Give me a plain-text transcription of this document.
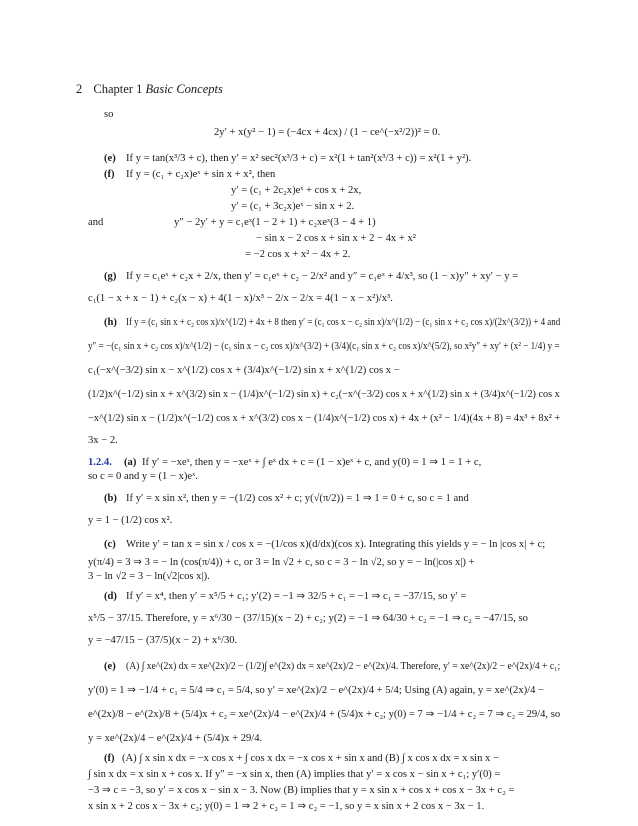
2 Chapter 1 Basic Concepts
so
2y′ + x(y² − 1) = (−4cx + 4cx) / (1 − ce^(−x²/2))² = 0.
(e) If y = tan(x³/3 + c), then y′ = x² sec²(x³/3 + c) = x²(1 + tan²(x³/3 + c)) = x²(1 + y²).
(f) If y = (c₁ + c₂x)eˣ + sin x + x², then
y′ = (c₁ + 2c₂x)eˣ + cos x + 2x,
y′ = (c₁ + 3c₂x)eˣ − sin x + 2.
and	y″ − 2y′ + y = c₁eˣ(1 − 2 + 1) + c₂xeˣ(3 − 4 + 1)
− sin x − 2 cos x + sin x + 2 − 4x + x²
= −2 cos x + x² − 4x + 2.
(g) If y = c₁eˣ + c₂x + 2/x, then y′ = c₁eˣ + c₂ − 2/x² and y″ = c₁eˣ + 4/x³, so (1 − x)y″ + xy′ − y =
c₁(1 − x + x − 1) + c₂(x − x) + 4(1 − x)/x³ − 2/x − 2/x = 4(1 − x − x²)/x³.
(h) If y = (c₁ sin x + c₂ cos x)/x^(1/2) + 4x + 8 then y′ = (c₁ cos x − c₂ sin x)/x^(1/2) − (c₁ sin x + c₂ cos x)/(2x^(3/2)) + 4 and
y″ = −(c₁ sin x + c₂ cos x)/x^(1/2) − (c₁ sin x − c₂ cos x)/x^(3/2) + (3/4)(c₁ sin x + c₂ cos x)/x^(5/2), so x²y″ + xy′ + (x² − 1/4) y =
c₁(−x^(−3/2) sin x − x^(1/2) cos x + (3/4)x^(−1/2) sin x + x^(1/2) cos x −
(1/2)x^(−1/2) sin x + x^(3/2) sin x − (1/4)x^(−1/2) sin x) + c₂(−x^(−3/2) cos x + x^(1/2) sin x + (3/4)x^(−1/2) cos x
−x^(1/2) sin x − (1/2)x^(−1/2) cos x + x^(3/2) cos x − (1/4)x^(−1/2) cos x) + 4x + (x² − 1/4)(4x + 8) = 4x³ + 8x² +
3x − 2.
1.2.4. (a) If y′ = −xeˣ, then y = −xeˣ + ∫ eˣ dx + c = (1 − x)eˣ + c, and y(0) = 1 ⇒ 1 = 1 + c,
so c = 0 and y = (1 − x)eˣ.
(b) If y′ = x sin x², then y = −(1/2) cos x² + c; y(√(π/2)) = 1 ⇒ 1 = 0 + c, so c = 1 and
y = 1 − (1/2) cos x².
(c) Write y′ = tan x = sin x / cos x = −(1/cos x)(d/dx)(cos x). Integrating this yields y = − ln |cos x| + c;
y(π/4) = 3 ⇒ 3 = − ln (cos(π/4)) + c, or 3 = ln √2 + c, so c = 3 − ln √2, so y = − ln(|cos x|) +
3 − ln √2 = 3 − ln(√2|cos x|).
(d) If y′ = x⁴, then y′ = x⁵/5 + c₁; y′(2) = −1 ⇒ 32/5 + c₁ = −1 ⇒ c₁ = −37/15, so y′ =
x⁵/5 − 37/15. Therefore, y = x⁶/30 − (37/15)(x − 2) + c₂; y(2) = −1 ⇒ 64/30 + c₂ = −1 ⇒ c₂ = −47/15, so
y = −47/15 − (37/5)(x − 2) + x⁶/30.
(e) (A) ∫ xe^(2x) dx = xe^(2x)/2 − (1/2)∫ e^(2x) dx = xe^(2x)/2 − e^(2x)/4. Therefore, y′ = xe^(2x)/2 − e^(2x)/4 + c₁;
y′(0) = 1 ⇒ −1/4 + c₁ = 5/4 ⇒ c₁ = 5/4, so y′ = xe^(2x)/2 − e^(2x)/4 + 5/4; Using (A) again, y = xe^(2x)/4 −
e^(2x)/8 − e^(2x)/8 + (5/4)x + c₂ = xe^(2x)/4 − e^(2x)/4 + (5/4)x + c₂; y(0) = 7 ⇒ −1/4 + c₂ = 7 ⇒ c₂ = 29/4, so
y = xe^(2x)/4 − e^(2x)/4 + (5/4)x + 29/4.
(f) (A) ∫ x sin x dx = −x cos x + ∫ cos x dx = −x cos x + sin x and (B) ∫ x cos x dx = x sin x −
∫ sin x dx = x sin x + cos x. If y″ = −x sin x, then (A) implies that y′ = x cos x − sin x + c₁; y′(0) =
−3 ⇒ c = −3, so y′ = x cos x − sin x − 3. Now (B) implies that y = x sin x + cos x + cos x − 3x + c₂ =
x sin x + 2 cos x − 3x + c₂; y(0) = 1 ⇒ 2 + c₂ = 1 ⇒ c₂ = −1, so y = x sin x + 2 cos x − 3x − 1.
